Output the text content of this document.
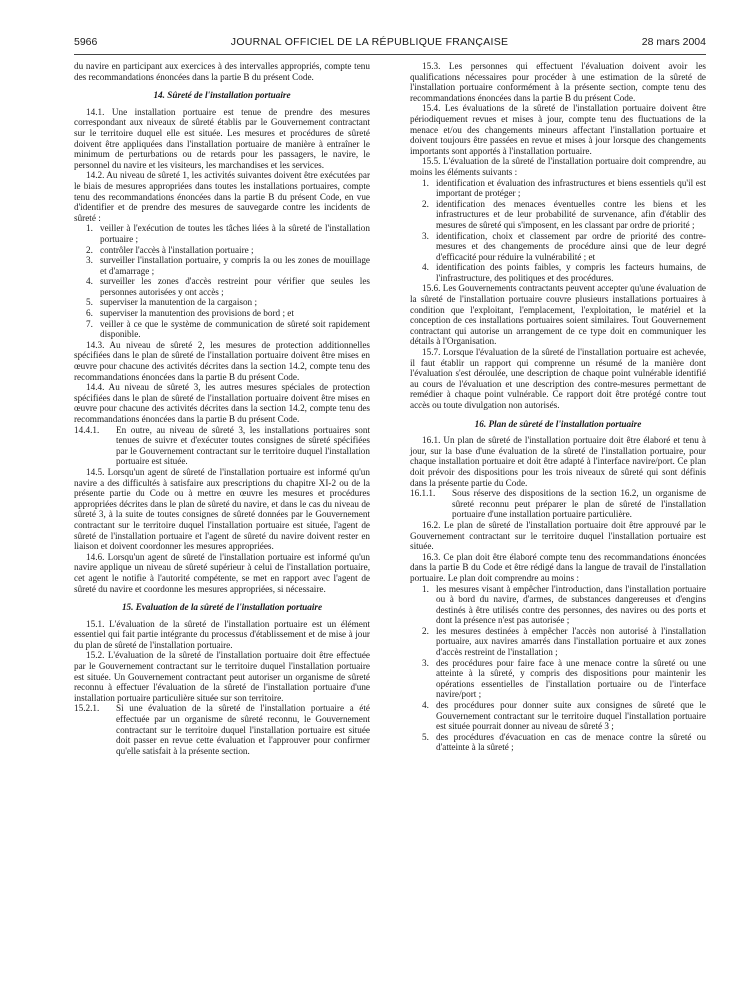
5966	JOURNAL OFFICIEL DE LA RÉPUBLIQUE FRANÇAISE	28 mars 2004

du navire en participant aux exercices à des intervalles appropriés, compte tenu des recommandations énoncées dans la partie B du présent Code.

14. Sûreté de l'installation portuaire

14.1. Une installation portuaire est tenue de prendre des mesures correspondant aux niveaux de sûreté établis par le Gouvernement contractant sur le territoire duquel elle est située. Les mesures et procédures de sûreté doivent être appliquées dans l'installation portuaire de manière à entraîner le minimum de perturbations ou de retards pour les passagers, le navire, le personnel du navire et les visiteurs, les marchandises et les services.

14.2. Au niveau de sûreté 1, les activités suivantes doivent être exécutées par le biais de mesures appropriées dans toutes les installations portuaires, compte tenu des recommandations énoncées dans la partie B du présent Code, en vue d'identifier et de prendre des mesures de sauvegarde contre les incidents de sûreté :

1. veiller à l'exécution de toutes les tâches liées à la sûreté de l'installation portuaire ;
2. contrôler l'accès à l'installation portuaire ;
3. surveiller l'installation portuaire, y compris la ou les zones de mouillage et d'amarrage ;
4. surveiller les zones d'accès restreint pour vérifier que seules les personnes autorisées y ont accès ;
5. superviser la manutention de la cargaison ;
6. superviser la manutention des provisions de bord ; et
7. veiller à ce que le système de communication de sûreté soit rapidement disponible.

14.3. Au niveau de sûreté 2, les mesures de protection additionnelles spécifiées dans le plan de sûreté de l'installation portuaire doivent être mises en œuvre pour chacune des activités décrites dans la section 14.2, compte tenu des recommandations énoncées dans la partie B du présent Code.

14.4. Au niveau de sûreté 3, les autres mesures spéciales de protection spécifiées dans le plan de sûreté de l'installation portuaire doivent être mises en œuvre pour chacune des activités décrites dans la section 14.2, compte tenu des recommandations énoncées dans la partie B du présent Code.

14.4.1. En outre, au niveau de sûreté 3, les installations portuaires sont tenues de suivre et d'exécuter toutes consignes de sûreté spécifiées par le Gouvernement contractant sur le territoire duquel l'installation portuaire est située.

14.5. Lorsqu'un agent de sûreté de l'installation portuaire est informé qu'un navire a des difficultés à satisfaire aux prescriptions du chapitre XI-2 ou de la présente partie du Code ou à mettre en œuvre les mesures et procédures appropriées décrites dans le plan de sûreté du navire, et dans le cas du niveau de sûreté 3, à la suite de toutes consignes de sûreté données par le Gouvernement contractant sur le territoire duquel l'installation portuaire est située, l'agent de sûreté de l'installation portuaire et l'agent de sûreté du navire doivent rester en liaison et doivent coordonner les mesures appropriées.

14.6. Lorsqu'un agent de sûreté de l'installation portuaire est informé qu'un navire applique un niveau de sûreté supérieur à celui de l'installation portuaire, cet agent le notifie à l'autorité compétente, se met en rapport avec l'agent de sûreté du navire et coordonne les mesures appropriées, si nécessaire.

15. Evaluation de la sûreté de l'installation portuaire

15.1. L'évaluation de la sûreté de l'installation portuaire est un élément essentiel qui fait partie intégrante du processus d'établissement et de mise à jour du plan de sûreté de l'installation portuaire.

15.2. L'évaluation de la sûreté de l'installation portuaire doit être effectuée par le Gouvernement contractant sur le territoire duquel l'installation portuaire est située. Un Gouvernement contractant peut autoriser un organisme de sûreté reconnu à effectuer l'évaluation de la sûreté de l'installation portuaire d'une installation portuaire particulière située sur son territoire.

15.2.1. Si une évaluation de la sûreté de l'installation portuaire a été effectuée par un organisme de sûreté reconnu, le Gouvernement contractant sur le territoire duquel l'installation portuaire est située doit passer en revue cette évaluation et l'approuver pour confirmer qu'elle satisfait à la présente section.

15.3. Les personnes qui effectuent l'évaluation doivent avoir les qualifications nécessaires pour procéder à une estimation de la sûreté de l'installation portuaire conformément à la présente section, compte tenu des recommandations énoncées dans la partie B du présent Code.

15.4. Les évaluations de la sûreté de l'installation portuaire doivent être périodiquement revues et mises à jour, compte tenu des fluctuations de la menace et/ou des changements mineurs affectant l'installation portuaire et doivent toujours être passées en revue et mises à jour lorsque des changements importants sont apportés à l'installation portuaire.

15.5. L'évaluation de la sûreté de l'installation portuaire doit comprendre, au moins les éléments suivants :

1. identification et évaluation des infrastructures et biens essentiels qu'il est important de protéger ;
2. identification des menaces éventuelles contre les biens et les infrastructures et de leur probabilité de survenance, afin d'établir des mesures de sûreté qui s'imposent, en les classant par ordre de priorité ;
3. identification, choix et classement par ordre de priorité des contre-mesures et des changements de procédure ainsi que de leur degré d'efficacité pour réduire la vulnérabilité ; et
4. identification des points faibles, y compris les facteurs humains, de l'infrastructure, des politiques et des procédures.

15.6. Les Gouvernements contractants peuvent accepter qu'une évaluation de la sûreté de l'installation portuaire couvre plusieurs installations portuaires à condition que l'exploitant, l'emplacement, l'exploitation, le matériel et la conception de ces installations portuaires soient similaires. Tout Gouvernement contractant qui autorise un arrangement de ce type doit en communiquer les détails à l'Organisation.

15.7. Lorsque l'évaluation de la sûreté de l'installation portuaire est achevée, il faut établir un rapport qui comprenne un résumé de la manière dont l'évaluation s'est déroulée, une description de chaque point vulnérable identifié au cours de l'évaluation et une description des contre-mesures permettant de remédier à chaque point vulnérable. Ce rapport doit être protégé contre tout accès ou toute divulgation non autorisés.

16. Plan de sûreté de l'installation portuaire

16.1. Un plan de sûreté de l'installation portuaire doit être élaboré et tenu à jour, sur la base d'une évaluation de la sûreté de l'installation portuaire, pour chaque installation portuaire et doit être adapté à l'interface navire/port. Ce plan doit prévoir des dispositions pour les trois niveaux de sûreté qui sont définis dans la présente partie du Code.

16.1.1. Sous réserve des dispositions de la section 16.2, un organisme de sûreté reconnu peut préparer le plan de sûreté de l'installation portuaire d'une installation portuaire particulière.

16.2. Le plan de sûreté de l'installation portuaire doit être approuvé par le Gouvernement contractant sur le territoire duquel l'installation portuaire est située.

16.3. Ce plan doit être élaboré compte tenu des recommandations énoncées dans la partie B du Code et être rédigé dans la langue de travail de l'installation portuaire. Le plan doit comprendre au moins :

1. les mesures visant à empêcher l'introduction, dans l'installation portuaire ou à bord du navire, d'armes, de substances dangereuses et d'engins destinés à être utilisés contre des personnes, des navires ou des ports et dont la présence n'est pas autorisée ;
2. les mesures destinées à empêcher l'accès non autorisé à l'installation portuaire, aux navires amarrés dans l'installation portuaire et aux zones d'accès restreint de l'installation ;
3. des procédures pour faire face à une menace contre la sûreté ou une atteinte à la sûreté, y compris des dispositions pour maintenir les opérations essentielles de l'installation portuaire ou de l'interface navire/port ;
4. des procédures pour donner suite aux consignes de sûreté que le Gouvernement contractant sur le territoire duquel l'installation portuaire est située pourrait donner au niveau de sûreté 3 ;
5. des procédures d'évacuation en cas de menace contre la sûreté ou d'atteinte à la sûreté ;
